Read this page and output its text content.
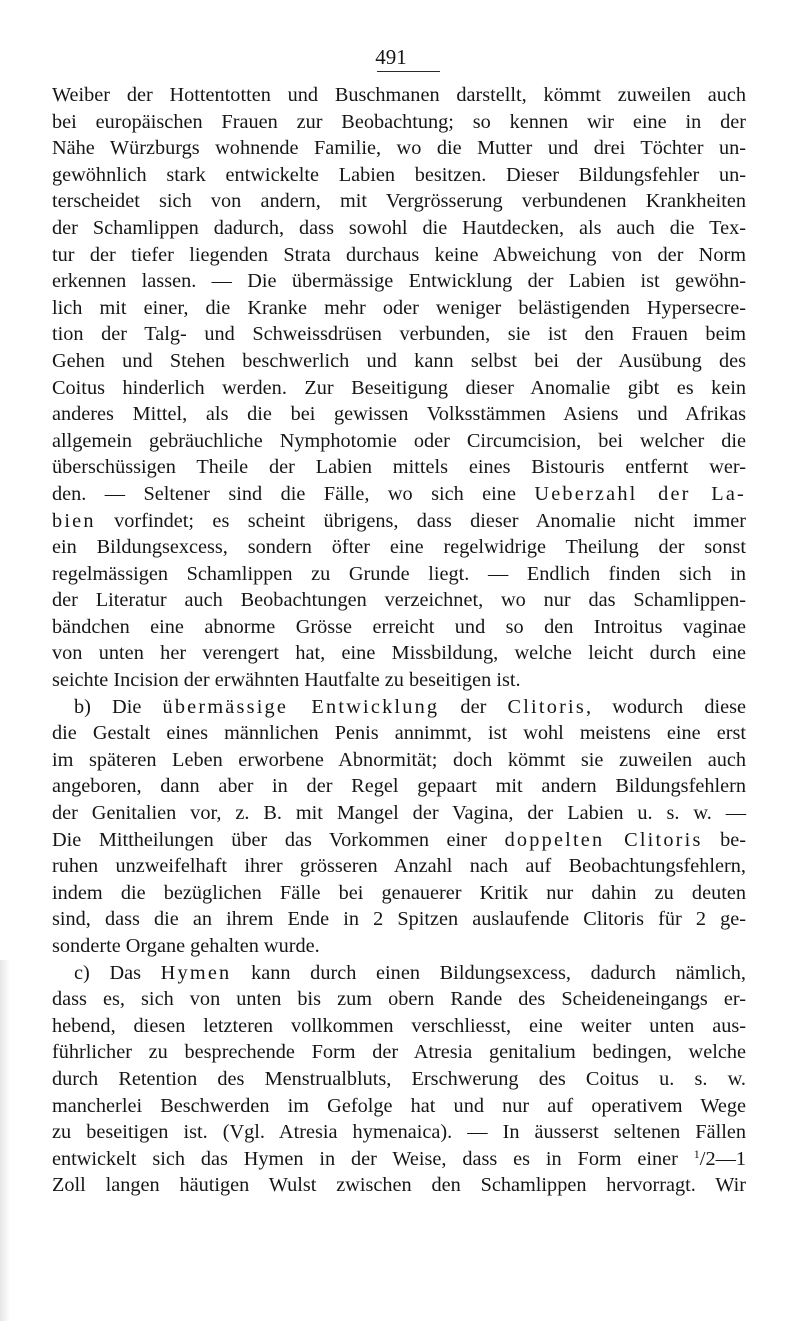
491
Weiber der Hottentotten und Buschmanen darstellt, kömmt zuweilen auch
bei europäischen Frauen zur Beobachtung; so kennen wir eine in der
Nähe Würzburgs wohnende Familie, wo die Mutter und drei Töchter un-
gewöhnlich stark entwickelte Labien besitzen. Dieser Bildungsfehler un-
terscheidet sich von andern, mit Vergrösserung verbundenen Krankheiten
der Schamlippen dadurch, dass sowohl die Hautdecken, als auch die Tex-
tur der tiefer liegenden Strata durchaus keine Abweichung von der Norm
erkennen lassen. — Die übermässige Entwicklung der Labien ist gewöhn-
lich mit einer, die Kranke mehr oder weniger belästigenden Hypersecre-
tion der Talg- und Schweissdrüsen verbunden, sie ist den Frauen beim
Gehen und Stehen beschwerlich und kann selbst bei der Ausübung des
Coitus hinderlich werden. Zur Beseitigung dieser Anomalie gibt es kein
anderes Mittel, als die bei gewissen Volksstämmen Asiens und Afrikas
allgemein gebräuchliche Nymphotomie oder Circumcision, bei welcher die
überschüssigen Theile der Labien mittels eines Bistouris entfernt wer-
den. — Seltener sind die Fälle, wo sich eine Ueberzahl der La-
bien vorfindet; es scheint übrigens, dass dieser Anomalie nicht immer
ein Bildungsexcess, sondern öfter eine regelwidrige Theilung der sonst
regelmässigen Schamlippen zu Grunde liegt. — Endlich finden sich in
der Literatur auch Beobachtungen verzeichnet, wo nur das Schamlippen-
bändchen eine abnorme Grösse erreicht und so den Introitus vaginae
von unten her verengert hat, eine Missbildung, welche leicht durch eine
seichte Incision der erwähnten Hautfalte zu beseitigen ist.
b) Die übermässige Entwicklung der Clitoris, wodurch diese
die Gestalt eines männlichen Penis annimmt, ist wohl meistens eine erst
im späteren Leben erworbene Abnormität; doch kömmt sie zuweilen auch
angeboren, dann aber in der Regel gepaart mit andern Bildungsfehlern
der Genitalien vor, z. B. mit Mangel der Vagina, der Labien u. s. w. —
Die Mittheilungen über das Vorkommen einer doppelten Clitoris be-
ruhen unzweifelhaft ihrer grösseren Anzahl nach auf Beobachtungsfehlern,
indem die bezüglichen Fälle bei genauerer Kritik nur dahin zu deuten
sind, dass die an ihrem Ende in 2 Spitzen auslaufende Clitoris für 2 ge-
sonderte Organe gehalten wurde.
c) Das Hymen kann durch einen Bildungsexcess, dadurch nämlich,
dass es, sich von unten bis zum obern Rande des Scheideneingangs er-
hebend, diesen letzteren vollkommen verschliesst, eine weiter unten aus-
führlicher zu besprechende Form der Atresia genitalium bedingen, welche
durch Retention des Menstrualbluts, Erschwerung des Coitus u. s. w.
mancherlei Beschwerden im Gefolge hat und nur auf operativem Wege
zu beseitigen ist. (Vgl. Atresia hymenaica). — In äusserst seltenen Fällen
entwickelt sich das Hymen in der Weise, dass es in Form einer $^1$/2—1
Zoll langen häutigen Wulst zwischen den Schamlippen hervorragt. Wir
